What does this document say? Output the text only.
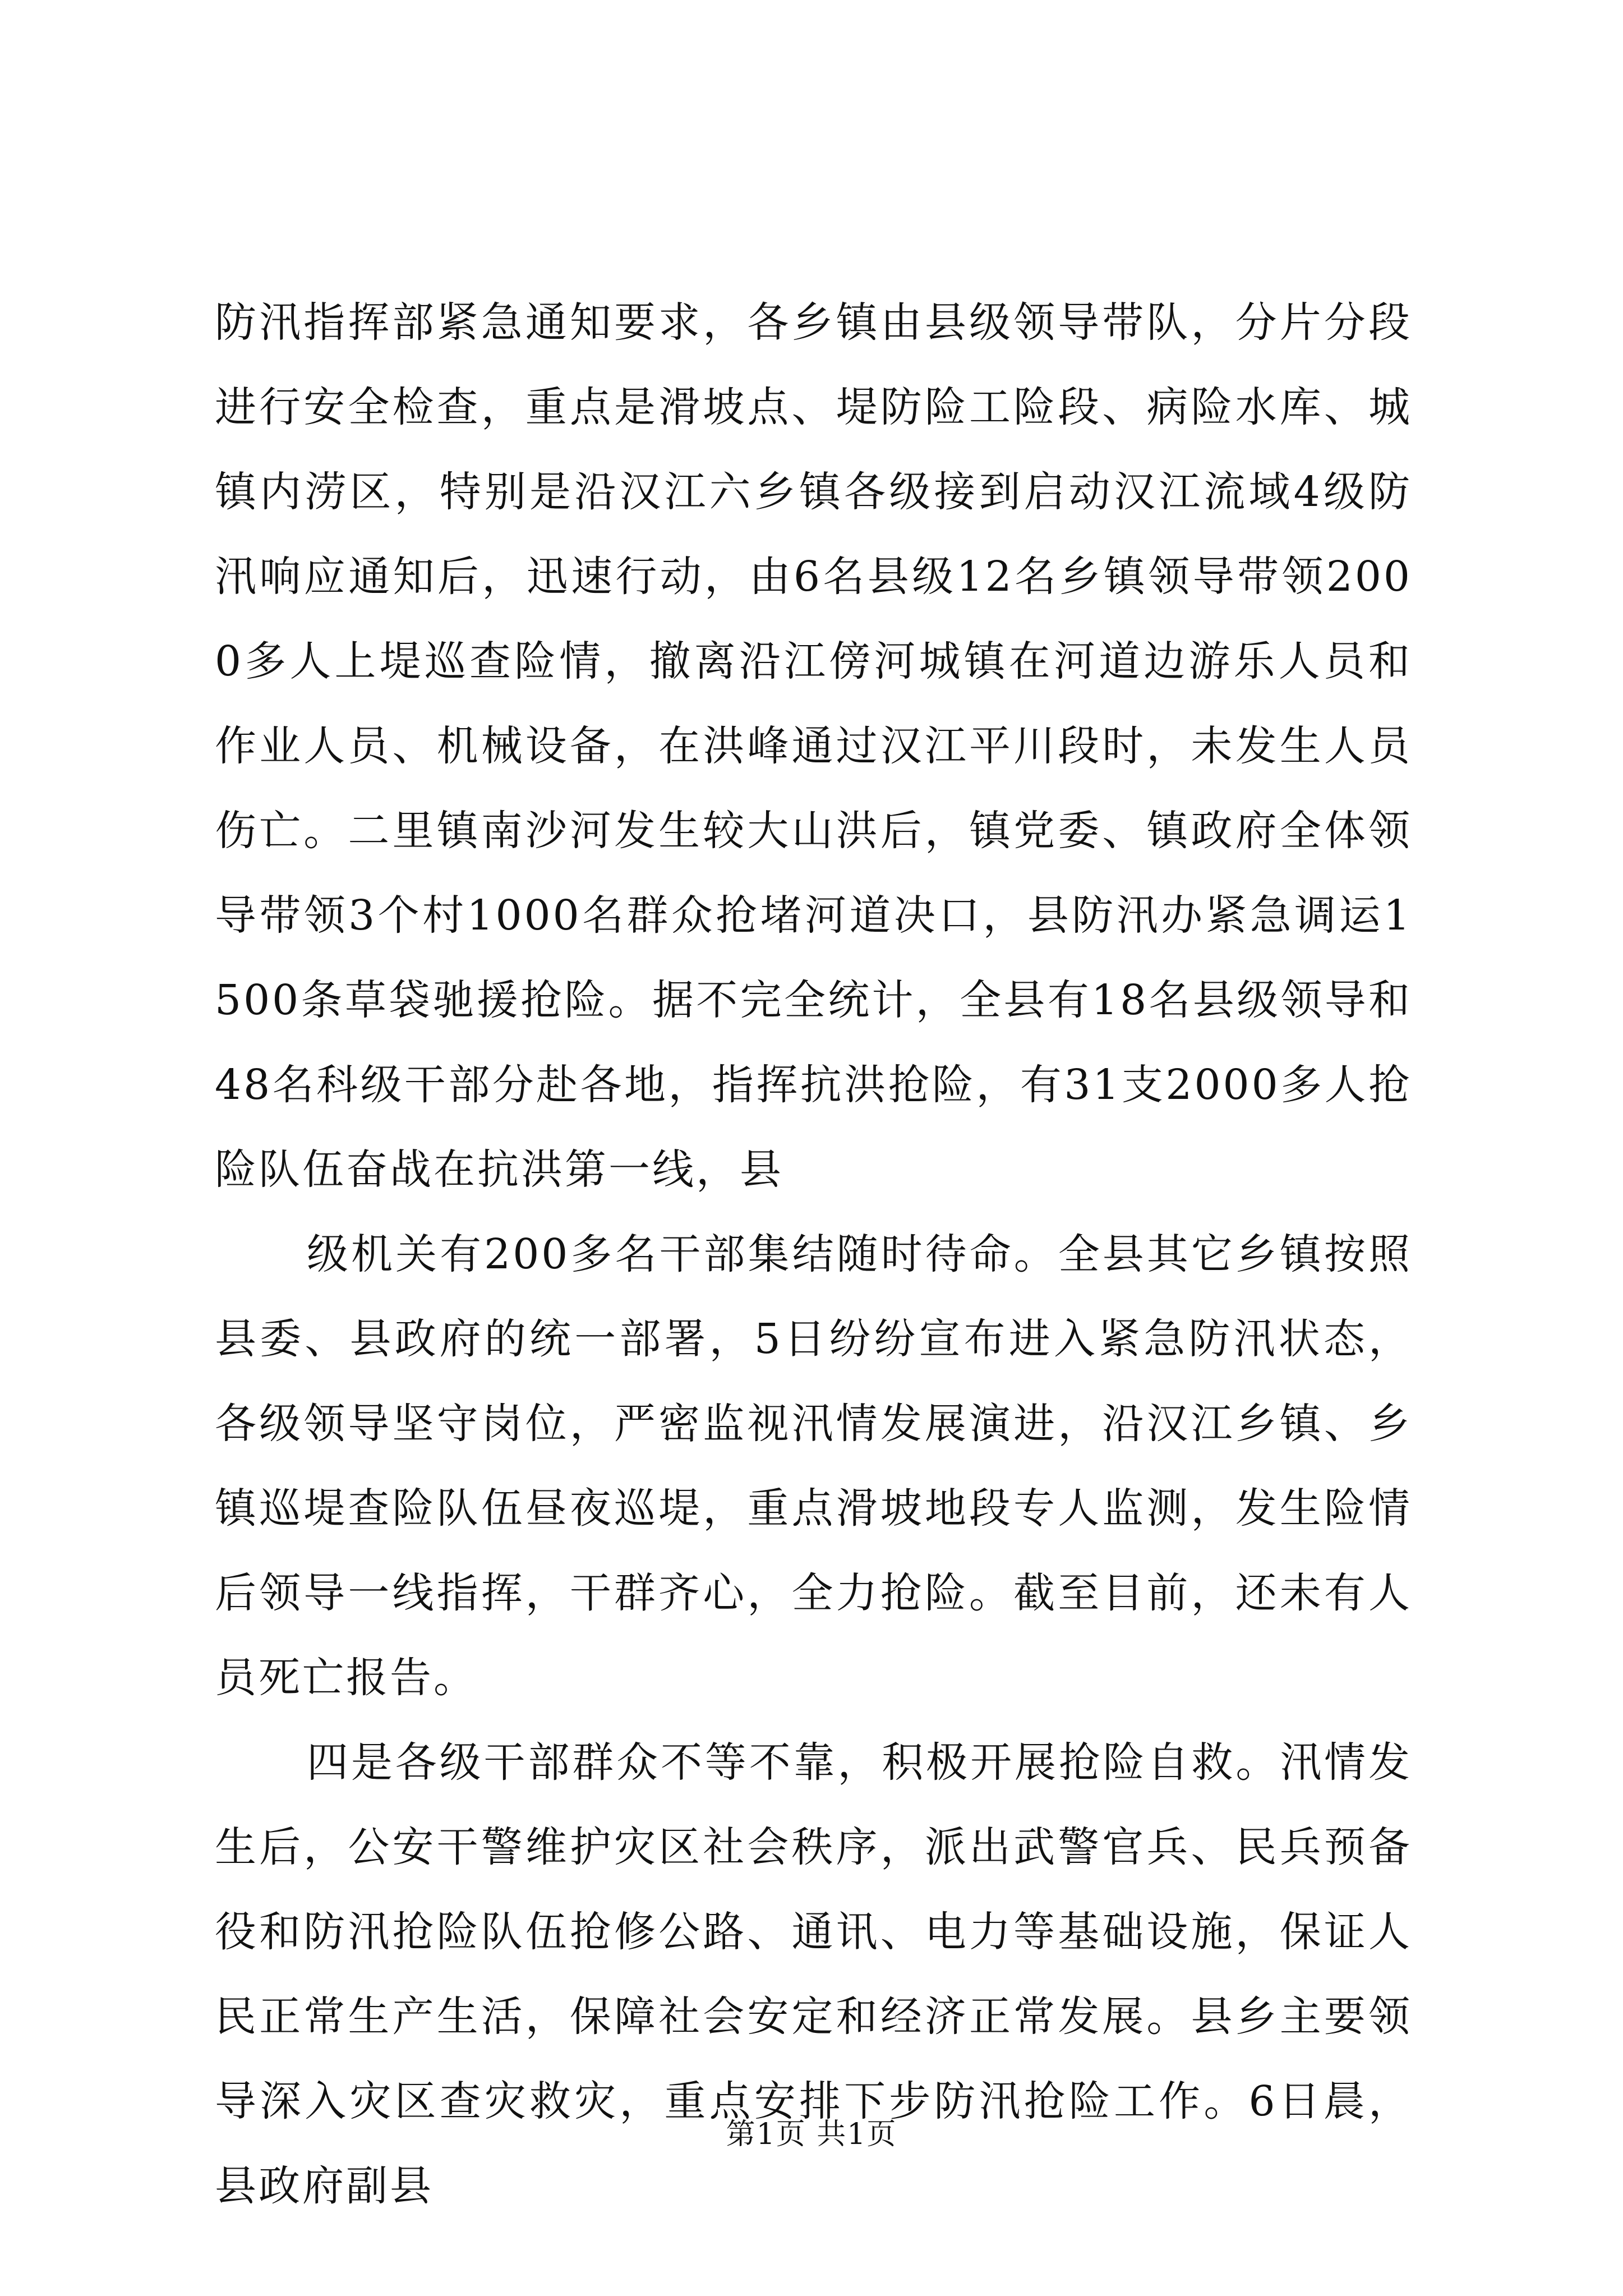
防汛指挥部紧急通知要求，各乡镇由县级领导带队，分片分段进行安全检查，重点是滑坡点、堤防险工险段、病险水库、城镇内涝区，特别是沿汉江六乡镇各级接到启动汉江流域4级防汛响应通知后，迅速行动，由6名县级12名乡镇领导带领2000多人上堤巡查险情，撤离沿江傍河城镇在河道边游乐人员和作业人员、机械设备，在洪峰通过汉江平川段时，未发生人员伤亡。二里镇南沙河发生较大山洪后，镇党委、镇政府全体领导带领3个村1000名群众抢堵河道决口，县防汛办紧急调运1500条草袋驰援抢险。据不完全统计，全县有18名县级领导和48名科级干部分赴各地，指挥抗洪抢险，有31支2000多人抢险队伍奋战在抗洪第一线，县

级机关有200多名干部集结随时待命。全县其它乡镇按照县委、县政府的统一部署，5日纷纷宣布进入紧急防汛状态，各级领导坚守岗位，严密监视汛情发展演进，沿汉江乡镇、乡镇巡堤查险队伍昼夜巡堤，重点滑坡地段专人监测，发生险情后领导一线指挥，干群齐心，全力抢险。截至目前，还未有人员死亡报告。

四是各级干部群众不等不靠，积极开展抢险自救。汛情发生后，公安干警维护灾区社会秩序，派出武警官兵、民兵预备役和防汛抢险队伍抢修公路、通讯、电力等基础设施，保证人民正常生产生活，保障社会安定和经济正常发展。县乡主要领导深入灾区查灾救灾，重点安排下步防汛抢险工作。6日晨，县政府副县

第1页 共1页
